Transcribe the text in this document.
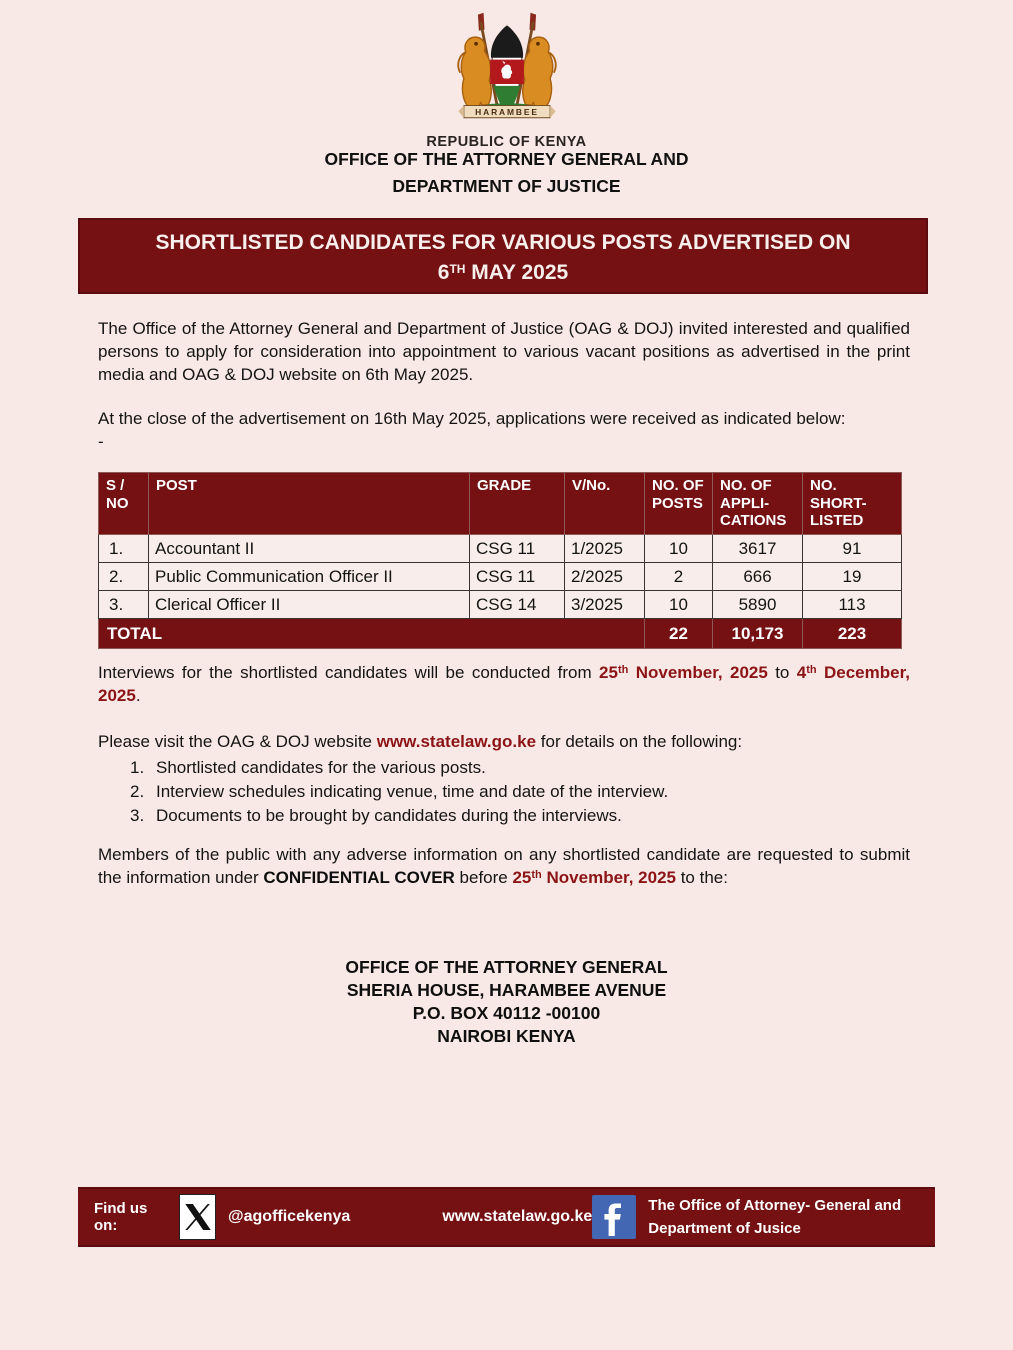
HARAMBEE
REPUBLIC OF KENYA
OFFICE OF THE ATTORNEY GENERAL AND
DEPARTMENT OF JUSTICE
SHORTLISTED CANDIDATES FOR VARIOUS POSTS ADVERTISED ON
6TH MAY 2025
The Office of the Attorney General and Department of Justice (OAG & DOJ) invited interested and qualified persons to apply for consideration into appointment to various vacant positions as advertised in the print media and OAG & DOJ website on 6th May 2025.
At the close of the advertisement on 16th May 2025, applications were received as indicated below:
-
S / NO	POST	GRADE	V/No.	NO. OF POSTS	NO. OF APPLI-CATIONS	NO. SHORT-LISTED
1.	Accountant II	CSG 11	1/2025	10	3617	91
2.	Public Communication Officer II	CSG 11	2/2025	2	666	19
3.	Clerical Officer II	CSG 14	3/2025	10	5890	113
TOTAL				22	10,173	223
Interviews for the shortlisted candidates will be conducted from 25th November, 2025 to 4th December, 2025.
Please visit the OAG & DOJ website www.statelaw.go.ke for details on the following:
1. Shortlisted candidates for the various posts.
2. Interview schedules indicating venue, time and date of the interview.
3. Documents to be brought by candidates during the interviews.
Members of the public with any adverse information on any shortlisted candidate are requested to submit the information under CONFIDENTIAL COVER before 25th November, 2025 to the:
OFFICE OF THE ATTORNEY GENERAL
SHERIA HOUSE, HARAMBEE AVENUE
P.O. BOX 40112 -00100
NAIROBI KENYA
Find us on:
@agofficekenya	www.statelaw.go.ke
The Office of Attorney- General and
Department of Jusice
